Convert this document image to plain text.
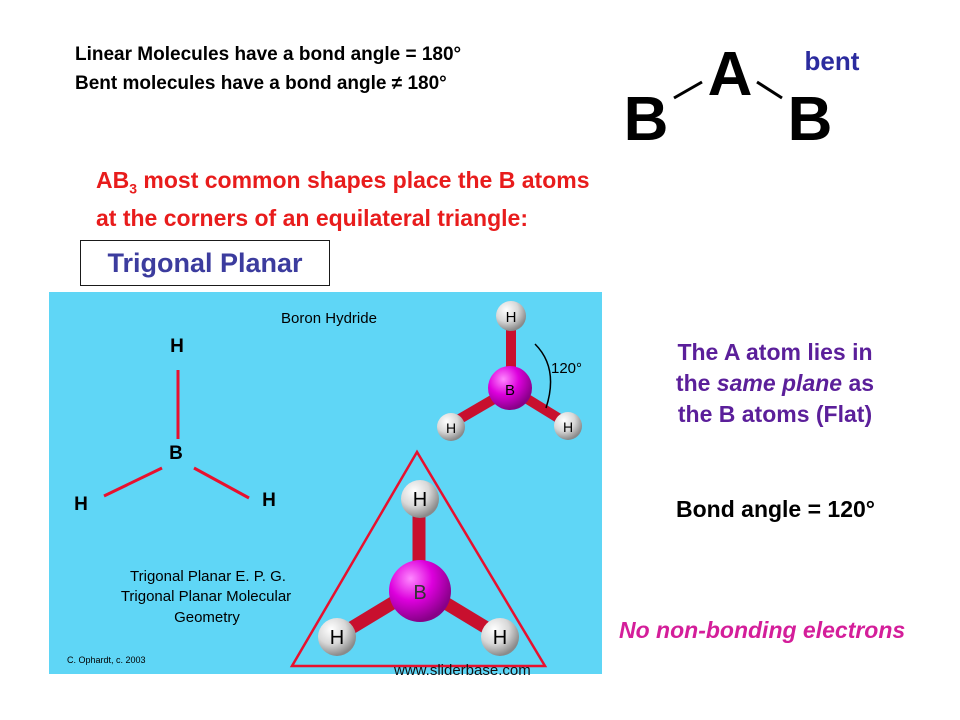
Linear Molecules have a bond angle = 180°
Bent molecules have a bond angle ≠ 180°	A
B B
bent
$AB_3$ most common shapes place the B atoms
at the corners of an equilateral triangle:
Trigonal Planar
Boron Hydride
H
B
H	H
H
B
H	H
120°
H
B
H	H
Trigonal Planar E. P. G.
Trigonal Planar Molecular
Geometry
C. Ophardt, c. 2003
The A atom lies in
the same plane as
the B atoms (Flat)
Bond angle = 120°
No non-bonding electrons
www.sliderbase.com
